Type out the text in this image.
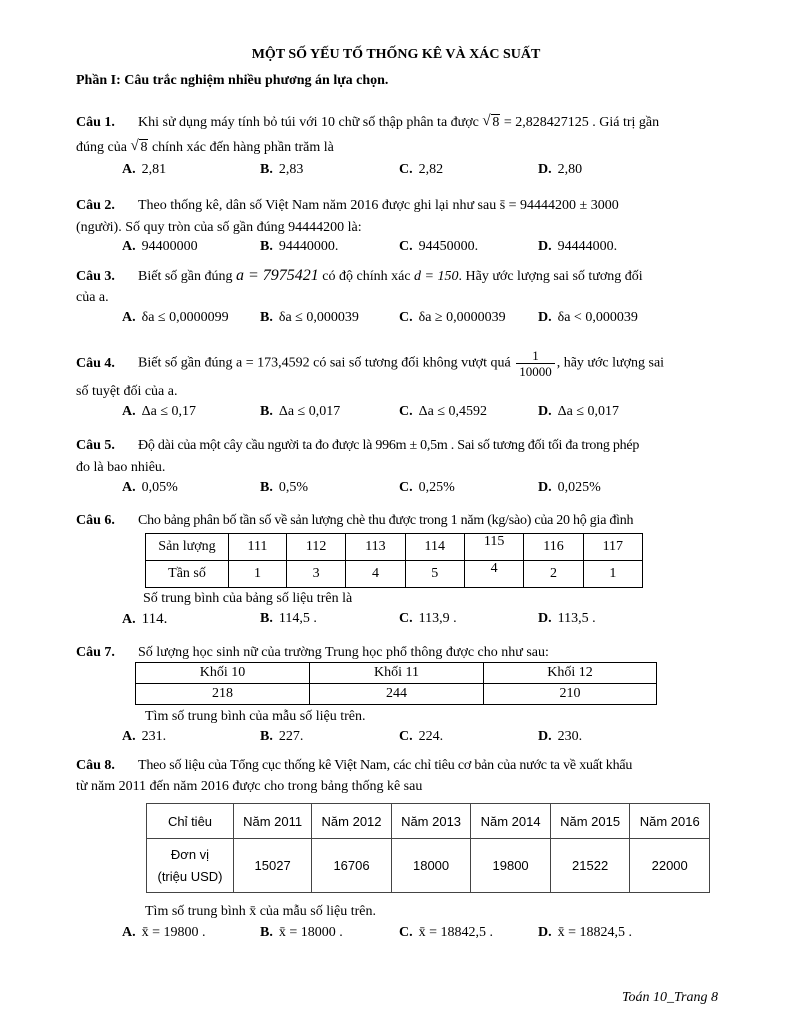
MỘT SỐ YẾU TỐ THỐNG KÊ VÀ XÁC SUẤT
Phần I: Câu trắc nghiệm nhiều phương án lựa chọn.
Câu 1. Khi sử dụng máy tính bỏ túi với 10 chữ số thập phân ta được √ 8 = 2,828427125 . Giá trị gần
đúng của √ 8 chính xác đến hàng phần trăm là
A. 2,81	B. 2,83	C. 2,82	D. 2,80
Câu 2. Theo thống kê, dân số Việt Nam năm 2016 được ghi lại như sau s̄ = 94444200 ± 3000
(người). Số quy tròn của số gần đúng 94444200 là:
A. 94400000	B. 94440000.	C. 94450000.	D. 94444000.
Câu 3. Biết số gần đúng a = 7975421 có độ chính xác d = 150. Hãy ước lượng sai số tương đối
của a.
A. δa ≤ 0,0000099 B. δa ≤ 0,000039	C. δa ≥ 0,0000039 D. δa < 0,000039
Câu 4. Biết số gần đúng a = 173,4592 có sai số tương đối không vượt quá $\frac{1}{10000}$ , hãy ước lượng sai
số tuyệt đối của a.
A. Δa ≤ 0,17	B. Δa ≤ 0,017	C. Δa ≤ 0,4592	D. Δa ≤ 0,017
Câu 5. Độ dài của một cây cầu người ta đo được là 996m ± 0,5m . Sai số tương đối tối đa trong phép
đo là bao nhiêu.
A. 0,05%	B. 0,5%	C. 0,25%	D. 0,025%
Câu 6. Cho bảng phân bố tần số về sản lượng chè thu được trong 1 năm (kg/sào) của 20 hộ gia đình
Sản lượng	111	112	113	114	115	116	117
Tần số	1	3	4	5	4	2	1
Số trung bình của bảng số liệu trên là
A. 114.	B. 114,5 .	C. 113,9 .	D. 113,5 .
Câu 7. Số lượng học sinh nữ của trường Trung học phổ thông được cho như sau:
Khối 10	Khối 11	Khối 12
218	244	210
Tìm số trung bình của mẫu số liệu trên.
A. 231.	B. 227.	C. 224.	D. 230.
Câu 8. Theo số liệu của Tổng cục thống kê Việt Nam, các chỉ tiêu cơ bản của nước ta về xuất khẩu
từ năm 2011 đến năm 2016 được cho trong bảng thống kê sau
Chỉ tiêu	Năm 2011	Năm 2012	Năm 2013	Năm 2014	Năm 2015	Năm 2016

Đơn vị
(triệu USD)	15027	16706	18000	19800	21522	22000
Tìm số trung bình x̄ của mẫu số liệu trên.
A. x̄ = 19800 .	B. x̄ = 18000 .	C. x̄ = 18842,5 .	D. x̄ = 18824,5 .
Toán 10_Trang 8
